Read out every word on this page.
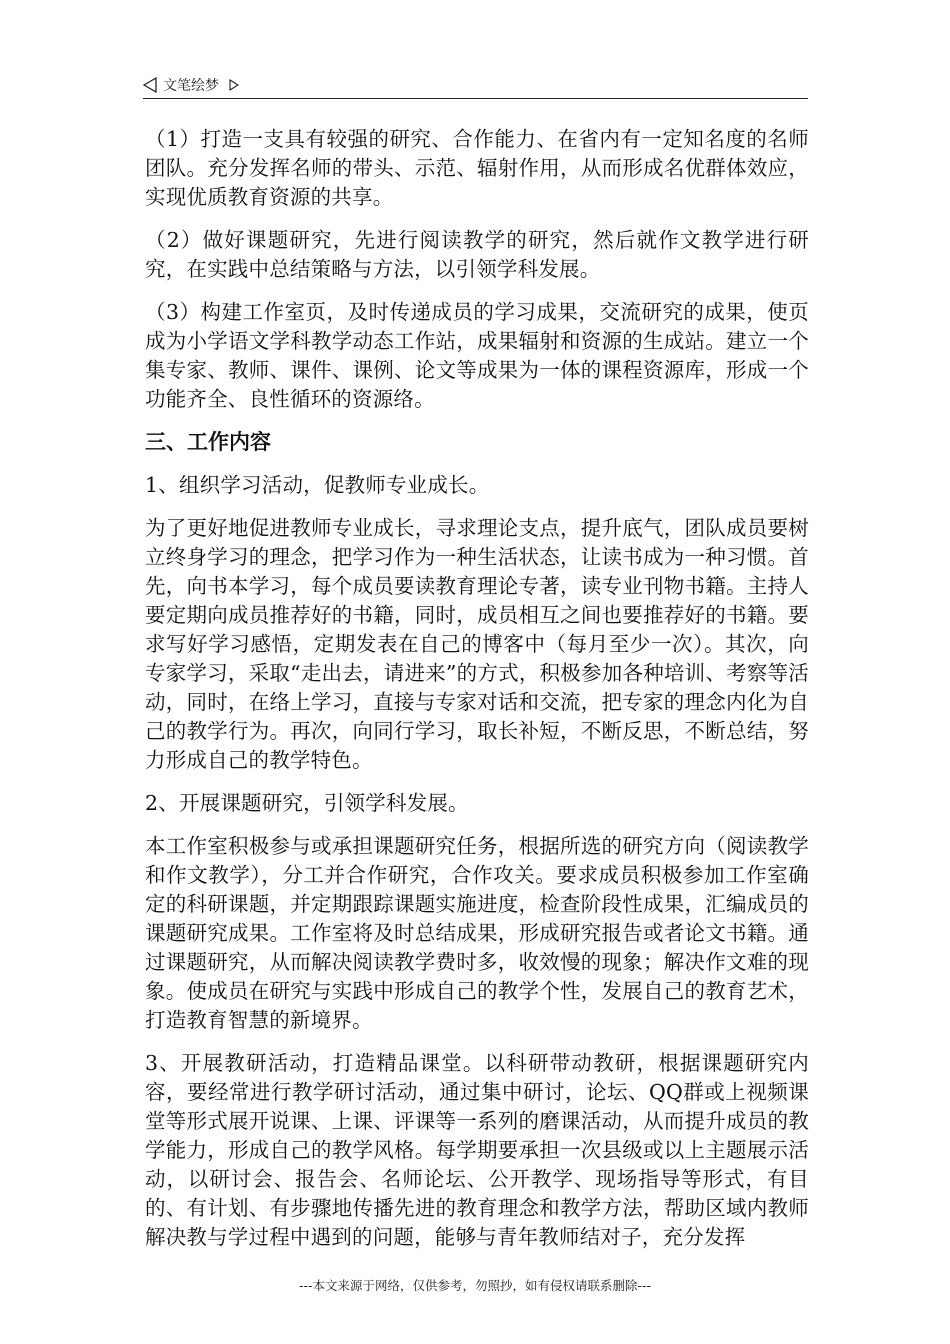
文笔绘梦

（1）打造一支具有较强的研究、合作能力、在省内有一定知名度的名师团队。充分发挥名师的带头、示范、辐射作用，从而形成名优群体效应，实现优质教育资源的共享。

（2）做好课题研究，先进行阅读教学的研究，然后就作文教学进行研究，在实践中总结策略与方法，以引领学科发展。

（3）构建工作室页，及时传递成员的学习成果，交流研究的成果，使页成为小学语文学科教学动态工作站，成果辐射和资源的生成站。建立一个集专家、教师、课件、课例、论文等成果为一体的课程资源库，形成一个功能齐全、良性循环的资源络。

三、工作内容

1、组织学习活动，促教师专业成长。

为了更好地促进教师专业成长，寻求理论支点，提升底气，团队成员要树立终身学习的理念，把学习作为一种生活状态，让读书成为一种习惯。首先，向书本学习，每个成员要读教育理论专著，读专业刊物书籍。主持人要定期向成员推荐好的书籍，同时，成员相互之间也要推荐好的书籍。要求写好学习感悟，定期发表在自己的博客中（每月至少一次）。其次，向专家学习，采取“走出去，请进来”的方式，积极参加各种培训、考察等活动，同时，在络上学习，直接与专家对话和交流，把专家的理念内化为自己的教学行为。再次，向同行学习，取长补短，不断反思，不断总结，努力形成自己的教学特色。

2、开展课题研究，引领学科发展。

本工作室积极参与或承担课题研究任务，根据所选的研究方向（阅读教学和作文教学），分工并合作研究，合作攻关。要求成员积极参加工作室确定的科研课题，并定期跟踪课题实施进度，检查阶段性成果，汇编成员的课题研究成果。工作室将及时总结成果，形成研究报告或者论文书籍。通过课题研究，从而解决阅读教学费时多，收效慢的现象；解决作文难的现象。使成员在研究与实践中形成自己的教学个性，发展自己的教育艺术，打造教育智慧的新境界。

3、开展教研活动，打造精品课堂。以科研带动教研，根据课题研究内容，要经常进行教学研讨活动，通过集中研讨，论坛、QQ群或上视频课堂等形式展开说课、上课、评课等一系列的磨课活动，从而提升成员的教学能力，形成自己的教学风格。每学期要承担一次县级或以上主题展示活动，以研讨会、报告会、名师论坛、公开教学、现场指导等形式，有目的、有计划、有步骤地传播先进的教育理念和教学方法，帮助区域内教师解决教与学过程中遇到的问题，能够与青年教师结对子，充分发挥

---本文来源于网络，仅供参考，勿照抄，如有侵权请联系删除---
